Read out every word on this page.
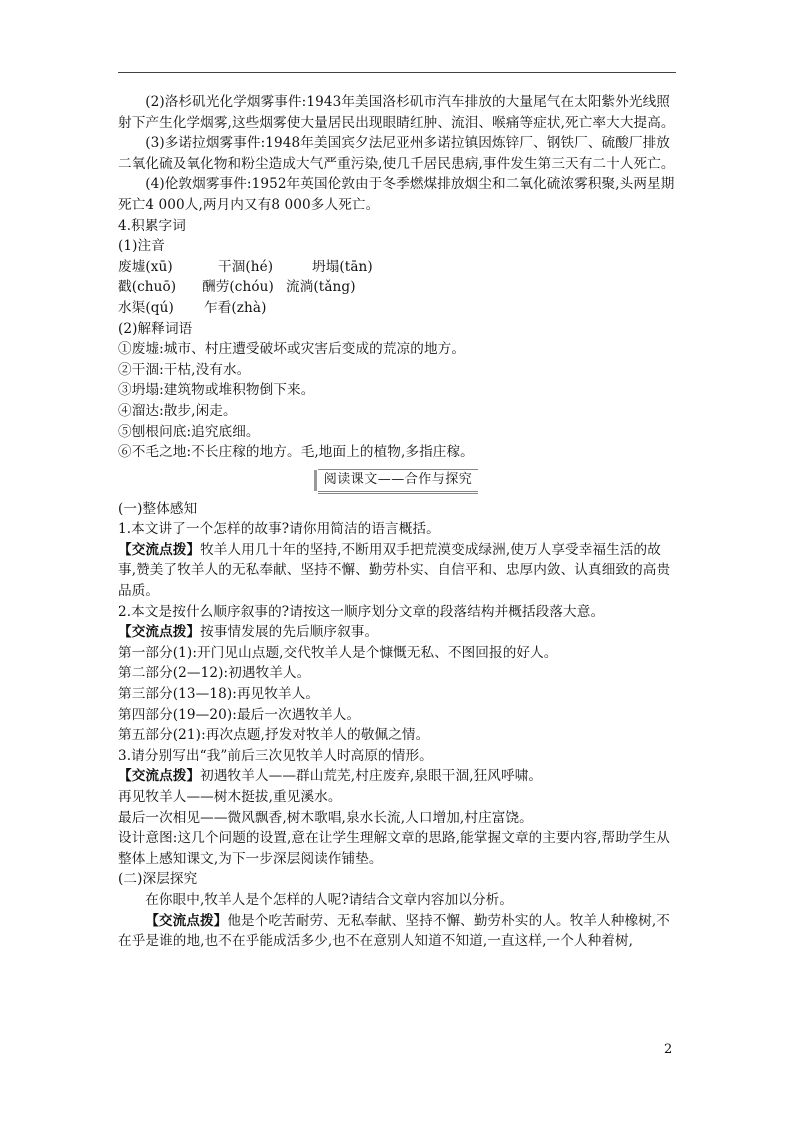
(2)洛杉矶光化学烟雾事件:1943年美国洛杉矶市汽车排放的大量尾气在太阳紫外光线照射下产生化学烟雾,这些烟雾使大量居民出现眼睛红肿、流泪、喉痛等症状,死亡率大大提高。

(3)多诺拉烟雾事件:1948年美国宾夕法尼亚州多诺拉镇因炼锌厂、钢铁厂、硫酸厂排放二氧化硫及氧化物和粉尘造成大气严重污染,使几千居民患病,事件发生第三天有二十人死亡。

(4)伦敦烟雾事件:1952年英国伦敦由于冬季燃煤排放烟尘和二氧化硫浓雾积聚,头两星期死亡4 000人,两月内又有8 000多人死亡。

4.积累字词

(1)注音

废墟(xū)	干涸(hé)	坍塌(tān)
戳(chuō)	酬劳(chóu) 流淌(tǎng)
水渠(qú)	乍看(zhà)

(2)解释词语

①废墟:城市、村庄遭受破坏或灾害后变成的荒凉的地方。

②干涸:干枯,没有水。

③坍塌:建筑物或堆积物倒下来。

④溜达:散步,闲走。

⑤刨根问底:追究底细。

⑥不毛之地:不长庄稼的地方。毛,地面上的植物,多指庄稼。

阅读课文——合作与探究

(一)整体感知

1.本文讲了一个怎样的故事?请你用简洁的语言概括。

【交流点拨】牧羊人用几十年的坚持,不断用双手把荒漠变成绿洲,使万人享受幸福生活的故事,赞美了牧羊人的无私奉献、坚持不懈、勤劳朴实、自信平和、忠厚内敛、认真细致的高贵品质。

2.本文是按什么顺序叙事的?请按这一顺序划分文章的段落结构并概括段落大意。

【交流点拨】按事情发展的先后顺序叙事。

第一部分(1):开门见山点题,交代牧羊人是个慷慨无私、不图回报的好人。

第二部分(2—12):初遇牧羊人。

第三部分(13—18):再见牧羊人。

第四部分(19—20):最后一次遇牧羊人。

第五部分(21):再次点题,抒发对牧羊人的敬佩之情。

3.请分别写出“我”前后三次见牧羊人时高原的情形。

【交流点拨】初遇牧羊人——群山荒芜,村庄废弃,泉眼干涸,狂风呼啸。

再见牧羊人——树木挺拔,重见溪水。

最后一次相见——微风飘香,树木歌唱,泉水长流,人口增加,村庄富饶。

设计意图:这几个问题的设置,意在让学生理解文章的思路,能掌握文章的主要内容,帮助学生从整体上感知课文,为下一步深层阅读作铺垫。

(二)深层探究

在你眼中,牧羊人是个怎样的人呢?请结合文章内容加以分析。

【交流点拨】他是个吃苦耐劳、无私奉献、坚持不懈、勤劳朴实的人。牧羊人种橡树,不在乎是谁的地,也不在乎能成活多少,也不在意别人知道不知道,一直这样,一个人种着树,

2
